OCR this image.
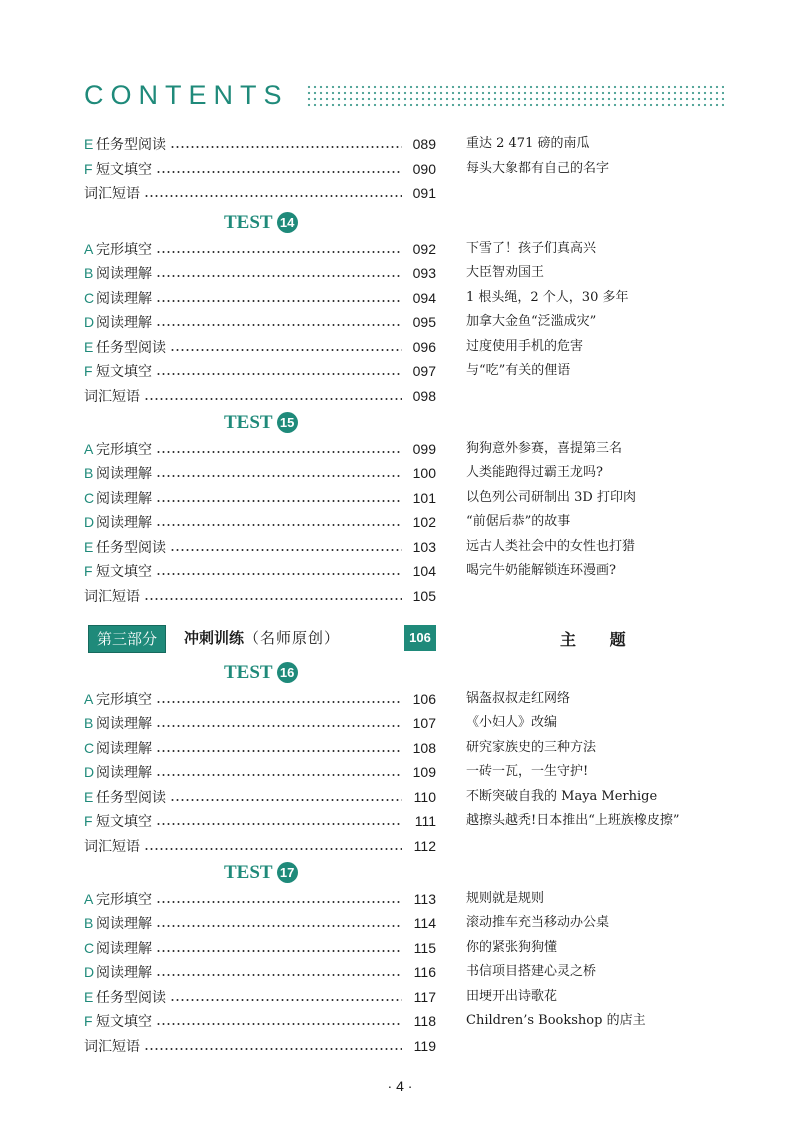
CONTENTS
E 任务型阅读	089 重达 2 471 磅的南瓜
F 短文填空	090 每头大象都有自己的名字
词汇短语	091
TEST 14
A 完形填空	092 下雪了！孩子们真高兴
B 阅读理解	093 大臣智劝国王
C 阅读理解	094 1 根头绳，2 个人，30 多年
D 阅读理解	095 加拿大金鱼“泛滥成灾”
E 任务型阅读	096 过度使用手机的危害
F 短文填空	097 与“吃”有关的俚语
词汇短语	098
TEST 15
A 完形填空	099 狗狗意外参赛，喜提第三名
B 阅读理解	100 人类能跑得过霸王龙吗?
C 阅读理解	101 以色列公司研制出 3D 打印肉
D 阅读理解	102 “前倨后恭”的故事
E 任务型阅读	103 远古人类社会中的女性也打猎
F 短文填空	104 喝完牛奶能解锁连环漫画?
词汇短语	105
TEST 16
A 完形填空	106 锅盔叔叔走红网络
B 阅读理解	107 《小妇人》改编
C 阅读理解	108 研究家族史的三种方法
D 阅读理解	109 一砖一瓦，一生守护!
E 任务型阅读	110 不断突破自我的 Maya Merhige
F 短文填空	111 越擦头越秃!日本推出“上班族橡皮擦”
词汇短语	112
TEST 17
A 完形填空	113 规则就是规则
B 阅读理解	114 滚动推车充当移动办公桌
C 阅读理解	115 你的紧张狗狗懂
D 阅读理解	116 书信项目搭建心灵之桥
E 任务型阅读	117 田埂开出诗歌花
F 短文填空	118 Children’s Bookshop 的店主
词汇短语	119
第三部分	冲刺训练（名师原创）	106	主 题
· 4 ·
